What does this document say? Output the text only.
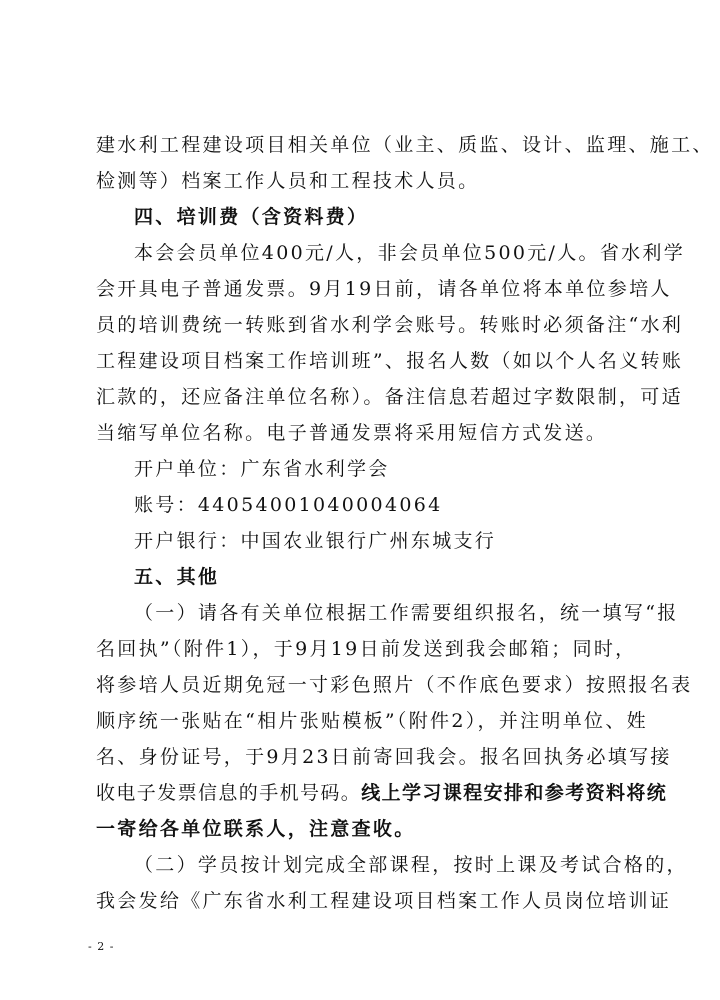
建水利工程建设项目相关单位（业主、质监、设计、监理、施工、
检测等）档案工作人员和工程技术人员。
四、培训费（含资料费）
本会会员单位400元/人，非会员单位500元/人。省水利学
会开具电子普通发票。9月19日前，请各单位将本单位参培人
员的培训费统一转账到省水利学会账号。转账时必须备注“水利
工程建设项目档案工作培训班”、报名人数（如以个人名义转账
汇款的，还应备注单位名称）。备注信息若超过字数限制，可适
当缩写单位名称。电子普通发票将采用短信方式发送。
开户单位：广东省水利学会
账号：44054001040004064
开户银行：中国农业银行广州东城支行
五、其他
（一）请各有关单位根据工作需要组织报名，统一填写“报
名回执”（附件1），于9月19日前发送到我会邮箱；同时，
将参培人员近期免冠一寸彩色照片（不作底色要求）按照报名表
顺序统一张贴在“相片张贴模板”（附件2），并注明单位、姓
名、身份证号，于9月23日前寄回我会。报名回执务必填写接
收电子发票信息的手机号码。线上学习课程安排和参考资料将统
一寄给各单位联系人，注意查收。
（二）学员按计划完成全部课程，按时上课及考试合格的，
我会发给《广东省水利工程建设项目档案工作人员岗位培训证
- 2 -
